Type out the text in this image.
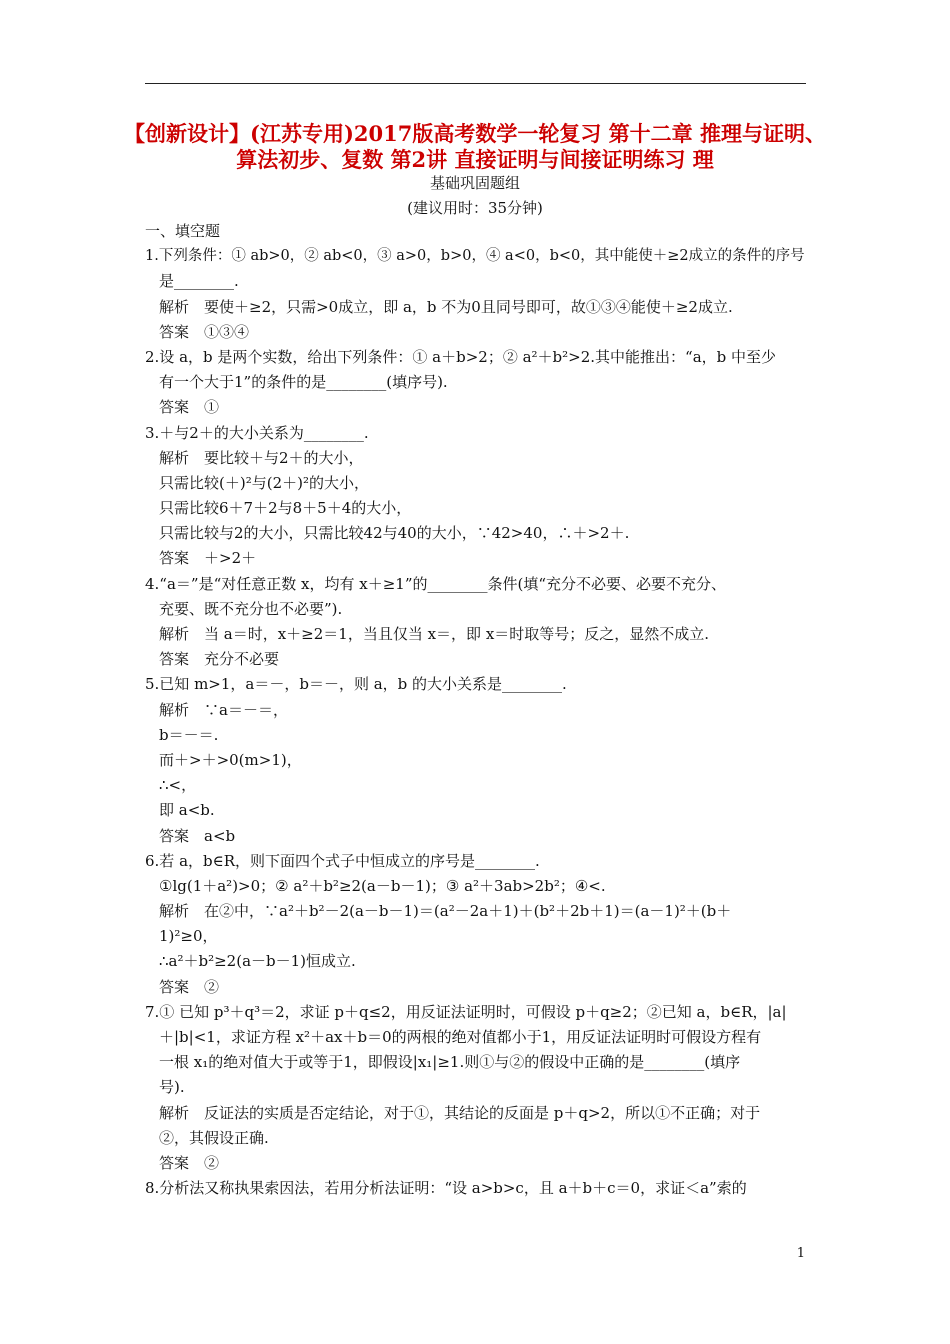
【创新设计】(江苏专用)2017版高考数学一轮复习 第十二章 推理与证明、算法初步、复数 第2讲 直接证明与间接证明练习 理
基础巩固题组
(建议用时：35分钟)
一、填空题
1.下列条件：① ab>0，② ab<0，③ a>0，b>0，④ a<0，b<0，其中能使＋≥2成立的条件的序号
是________.
解析　要使＋≥2，只需>0成立，即 a，b 不为0且同号即可，故①③④能使＋≥2成立.
答案　①③④
2.设 a，b 是两个实数，给出下列条件：① a＋b>2；② a²＋b²>2.其中能推出：“a，b 中至少
有一个大于1”的条件的是________(填序号).
答案　①
3.＋与2＋的大小关系为________.
解析　要比较＋与2＋的大小，
只需比较(＋)²与(2＋)²的大小，
只需比较6＋7＋2与8＋5＋4的大小，
只需比较与2的大小，只需比较42与40的大小，∵42>40，∴＋>2＋.
答案　＋>2＋
4.“a＝”是“对任意正数 x，均有 x＋≥1”的________条件(填“充分不必要、必要不充分、
充要、既不充分也不必要”).
解析　当 a＝时，x＋≥2＝1，当且仅当 x＝，即 x＝时取等号；反之，显然不成立.
答案　充分不必要
5.已知 m>1，a＝－，b＝－，则 a，b 的大小关系是________.
解析　∵a＝－＝，
b＝－＝.
而＋>＋>0(m>1)，
∴<，
即 a<b.
答案　a<b
6.若 a，b∈R，则下面四个式子中恒成立的序号是________.
①lg(1＋a²)>0；② a²＋b²≥2(a－b－1)；③ a²＋3ab>2b²；④<.
解析　在②中，∵a²＋b²－2(a－b－1)＝(a²－2a＋1)＋(b²＋2b＋1)＝(a－1)²＋(b＋
1)²≥0，
∴a²＋b²≥2(a－b－1)恒成立.
答案　②
7.① 已知 p³＋q³＝2，求证 p＋q≤2，用反证法证明时，可假设 p＋q≥2；②已知 a，b∈R，|a|
＋|b|<1，求证方程 x²＋ax＋b＝0的两根的绝对值都小于1，用反证法证明时可假设方程有
一根 x₁的绝对值大于或等于1，即假设|x₁|≥1.则①与②的假设中正确的是________(填序
号).
解析　反证法的实质是否定结论，对于①，其结论的反面是 p＋q>2，所以①不正确；对于
②，其假设正确.
答案　②
8.分析法又称执果索因法，若用分析法证明：“设 a>b>c，且 a＋b＋c＝0，求证＜a”索的
1
